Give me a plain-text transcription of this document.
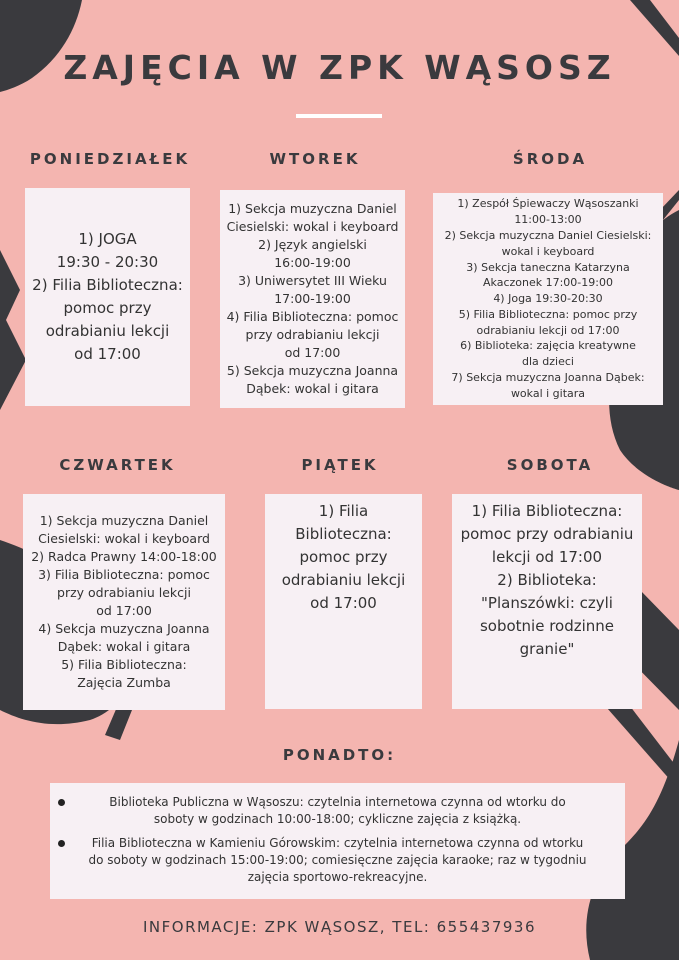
ZAJĘCIA W ZPK WĄSOSZ
PONIEDZIAŁEK	WTOREK	ŚRODA
CZWARTEK	PIĄTEK	SOBOTA
1) JOGA
19:30 - 20:30
2) Filia Biblioteczna:
pomoc przy
odrabianiu lekcji
od 17:00
1) Sekcja muzyczna Daniel
Ciesielski: wokal i keyboard
2) Język angielski
16:00-19:00
3) Uniwersytet III Wieku
17:00-19:00
4) Filia Biblioteczna: pomoc
przy odrabianiu lekcji
od 17:00
5) Sekcja muzyczna Joanna
Dąbek: wokal i gitara
1) Zespół Śpiewaczy Wąsoszanki
11:00-13:00
2) Sekcja muzyczna Daniel Ciesielski:
wokal i keyboard
3) Sekcja taneczna Katarzyna
Akaczonek 17:00-19:00
4) Joga 19:30-20:30
5) Filia Biblioteczna: pomoc przy
odrabianiu lekcji od 17:00
6) Biblioteka: zajęcia kreatywne
dla dzieci
7) Sekcja muzyczna Joanna Dąbek:
wokal i gitara
1) Sekcja muzyczna Daniel
Ciesielski: wokal i keyboard
2) Radca Prawny 14:00-18:00
3) Filia Biblioteczna: pomoc
przy odrabianiu lekcji
od 17:00
4) Sekcja muzyczna Joanna
Dąbek: wokal i gitara
5) Filia Biblioteczna:
Zajęcia Zumba
1) Filia
Biblioteczna:
pomoc przy
odrabianiu lekcji
od 17:00
1) Filia Biblioteczna:
pomoc przy odrabianiu
lekcji od 17:00
2) Biblioteka:
"Planszówki: czyli
sobotnie rodzinne
granie"
PONADTO:
Biblioteka Publiczna w Wąsoszu: czytelnia internetowa czynna od wtorku do
soboty w godzinach 10:00-18:00; cykliczne zajęcia z książką.
Filia Biblioteczna w Kamieniu Górowskim: czytelnia internetowa czynna od wtorku
do soboty w godzinach 15:00-19:00; comiesięczne zajęcia karaoke; raz w tygodniu
zajęcia sportowo-rekreacyjne.
INFORMACJE: ZPK WĄSOSZ, TEL: 655437936
